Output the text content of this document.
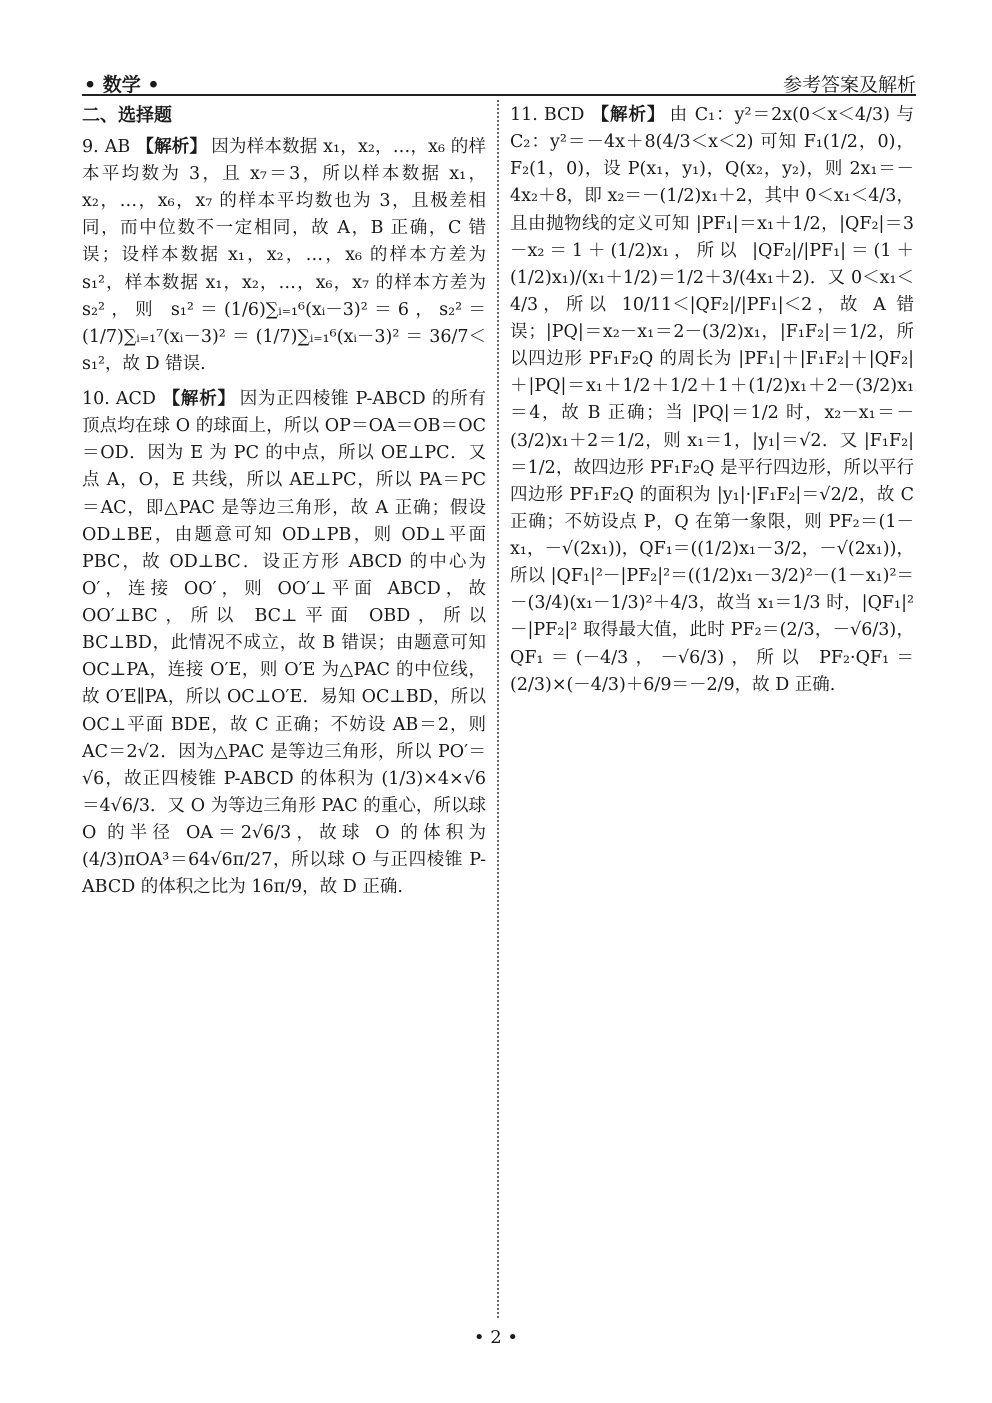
• 数学 •	参考答案及解析
二、选择题

9. AB 【解析】 因为样本数据 x₁，x₂，…，x₆ 的样本平均数为 3，且 x₇＝3，所以样本数据 x₁，x₂，…，x₆，x₇ 的样本平均数也为 3，且极差相同，而中位数不一定相同，故 A，B 正确，C 错误；设样本数据 x₁，x₂，…，x₆ 的样本方差为 s₁²，样本数据 x₁，x₂，…，x₆，x₇ 的样本方差为 s₂²，则 s₁²＝(1/6)∑ᵢ₌₁⁶(xᵢ－3)²＝6，s₂²＝(1/7)∑ᵢ₌₁⁷(xᵢ－3)²＝(1/7)∑ᵢ₌₁⁶(xᵢ－3)²＝36/7＜s₁²，故 D 错误.

10. ACD 【解析】 因为正四棱锥 P-ABCD 的所有顶点均在球 O 的球面上，所以 OP＝OA＝OB＝OC＝OD．因为 E 为 PC 的中点，所以 OE⊥PC．又点 A，O，E 共线，所以 AE⊥PC，所以 PA＝PC＝AC，即△PAC 是等边三角形，故 A 正确；假设 OD⊥BE，由题意可知 OD⊥PB，则 OD⊥平面 PBC，故 OD⊥BC．设正方形 ABCD 的中心为 O′，连接 OO′，则 OO′⊥平面 ABCD，故 OO′⊥BC，所以 BC⊥平面 OBD，所以 BC⊥BD，此情况不成立，故 B 错误；由题意可知 OC⊥PA，连接 O′E，则 O′E 为△PAC 的中位线，故 O′E∥PA，所以 OC⊥O′E．易知 OC⊥BD，所以 OC⊥平面 BDE，故 C 正确；不妨设 AB＝2，则 AC＝2√2．因为△PAC 是等边三角形，所以 PO′＝√6，故正四棱锥 P-ABCD 的体积为 (1/3)×4×√6＝4√6/3．又 O 为等边三角形 PAC 的重心，所以球 O 的半径 OA＝2√6/3，故球 O 的体积为 (4/3)πOA³＝64√6π/27，所以球 O 与正四棱锥 P-ABCD 的体积之比为 16π/9，故 D 正确.

11. BCD 【解析】 由 C₁：y²＝2x(0＜x＜4/3) 与 C₂：y²＝－4x＋8(4/3＜x＜2) 可知 F₁(1/2，0)，F₂(1，0)，设 P(x₁，y₁)，Q(x₂，y₂)，则 2x₁＝－4x₂＋8，即 x₂＝－(1/2)x₁＋2，其中 0＜x₁＜4/3，且由抛物线的定义可知 |PF₁|＝x₁＋1/2，|QF₂|＝3－x₂＝1＋(1/2)x₁，所以 |QF₂|/|PF₁|＝(1＋(1/2)x₁)/(x₁＋1/2)＝1/2＋3/(4x₁＋2)．又 0＜x₁＜4/3，所以 10/11＜|QF₂|/|PF₁|＜2，故 A 错误；|PQ|＝x₂－x₁＝2－(3/2)x₁，|F₁F₂|＝1/2，所以四边形 PF₁F₂Q 的周长为 |PF₁|＋|F₁F₂|＋|QF₂|＋|PQ|＝x₁＋1/2＋1/2＋1＋(1/2)x₁＋2－(3/2)x₁＝4，故 B 正确；当 |PQ|＝1/2 时，x₂－x₁＝－(3/2)x₁＋2＝1/2，则 x₁＝1，|y₁|＝√2．又 |F₁F₂|＝1/2，故四边形 PF₁F₂Q 是平行四边形，所以平行四边形 PF₁F₂Q 的面积为 |y₁|·|F₁F₂|＝√2/2，故 C 正确；不妨设点 P，Q 在第一象限，则 PF₂＝(1－x₁，－√(2x₁))，QF₁＝((1/2)x₁－3/2，－√(2x₁))，所以 |QF₁|²－|PF₂|²＝((1/2)x₁－3/2)²－(1－x₁)²＝－(3/4)(x₁－1/3)²＋4/3，故当 x₁＝1/3 时，|QF₁|²－|PF₂|² 取得最大值，此时 PF₂＝(2/3，－√6/3)，QF₁＝(－4/3，－√6/3)，所以 PF₂·QF₁＝(2/3)×(－4/3)＋6/9＝－2/9，故 D 正确.

• 2 •
